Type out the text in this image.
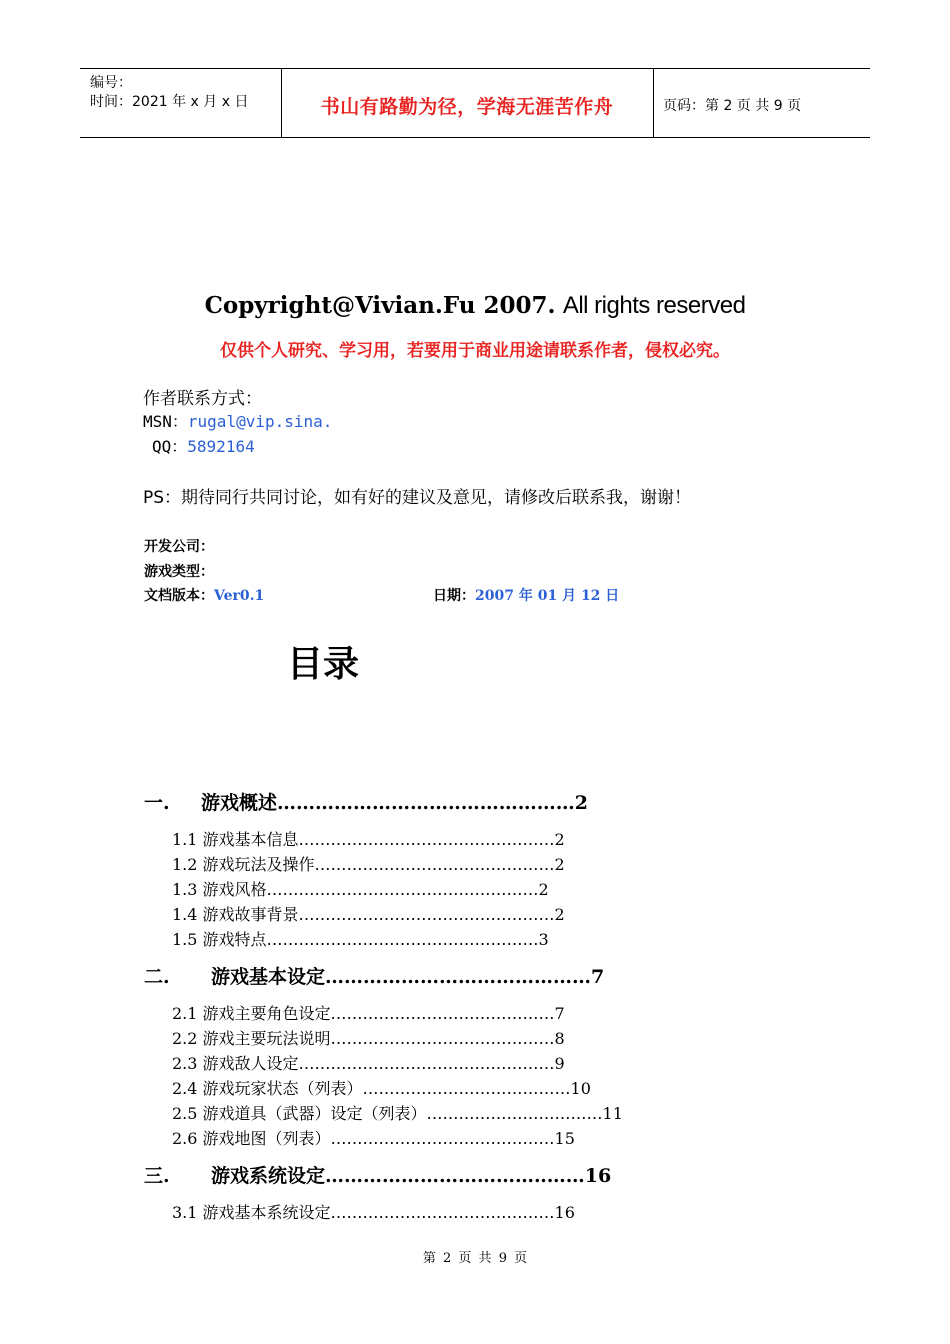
编号：
时间：2021 年 x 月 x 日	书山有路勤为径，学海无涯苦作舟	页码：第 2 页 共 9 页
Copyright@Vivian.Fu 2007. All rights reserved
仅供个人研究、学习用，若要用于商业用途请联系作者，侵权必究。
作者联系方式：
MSN：rugal@vip.sina.
QQ：5892164
PS：期待同行共同讨论，如有好的建议及意见，请修改后联系我，谢谢！
开发公司：
游戏类型：
文档版本：Ver0.1	日期：2007 年 01 月 12 日
目录
一. 游戏概述………………………‥………………2
1.1 游戏基本信息…………………………………………2
1.2 游戏玩法及操作………………………………………2
1.3 游戏风格……………………………………………2
1.4 游戏故事背景…………………………………………2
1.5 游戏特点……………………………………………3
二. 游戏基本设定……………………………………7
2.1 游戏主要角色设定……………………………………7
2.2 游戏主要玩法说明……………………………………8
2.3 游戏敌人设定…………………………………………9
2.4 游戏玩家状态（列表）…………………………………10
2.5 游戏道具（武器）设定（列表）……………………………11
2.6 游戏地图（列表）……………………………………15
三. 游戏系统设定……………………………‥……16
3.1 游戏基本系统设定……………………………………16
第 2 页 共 9 页
